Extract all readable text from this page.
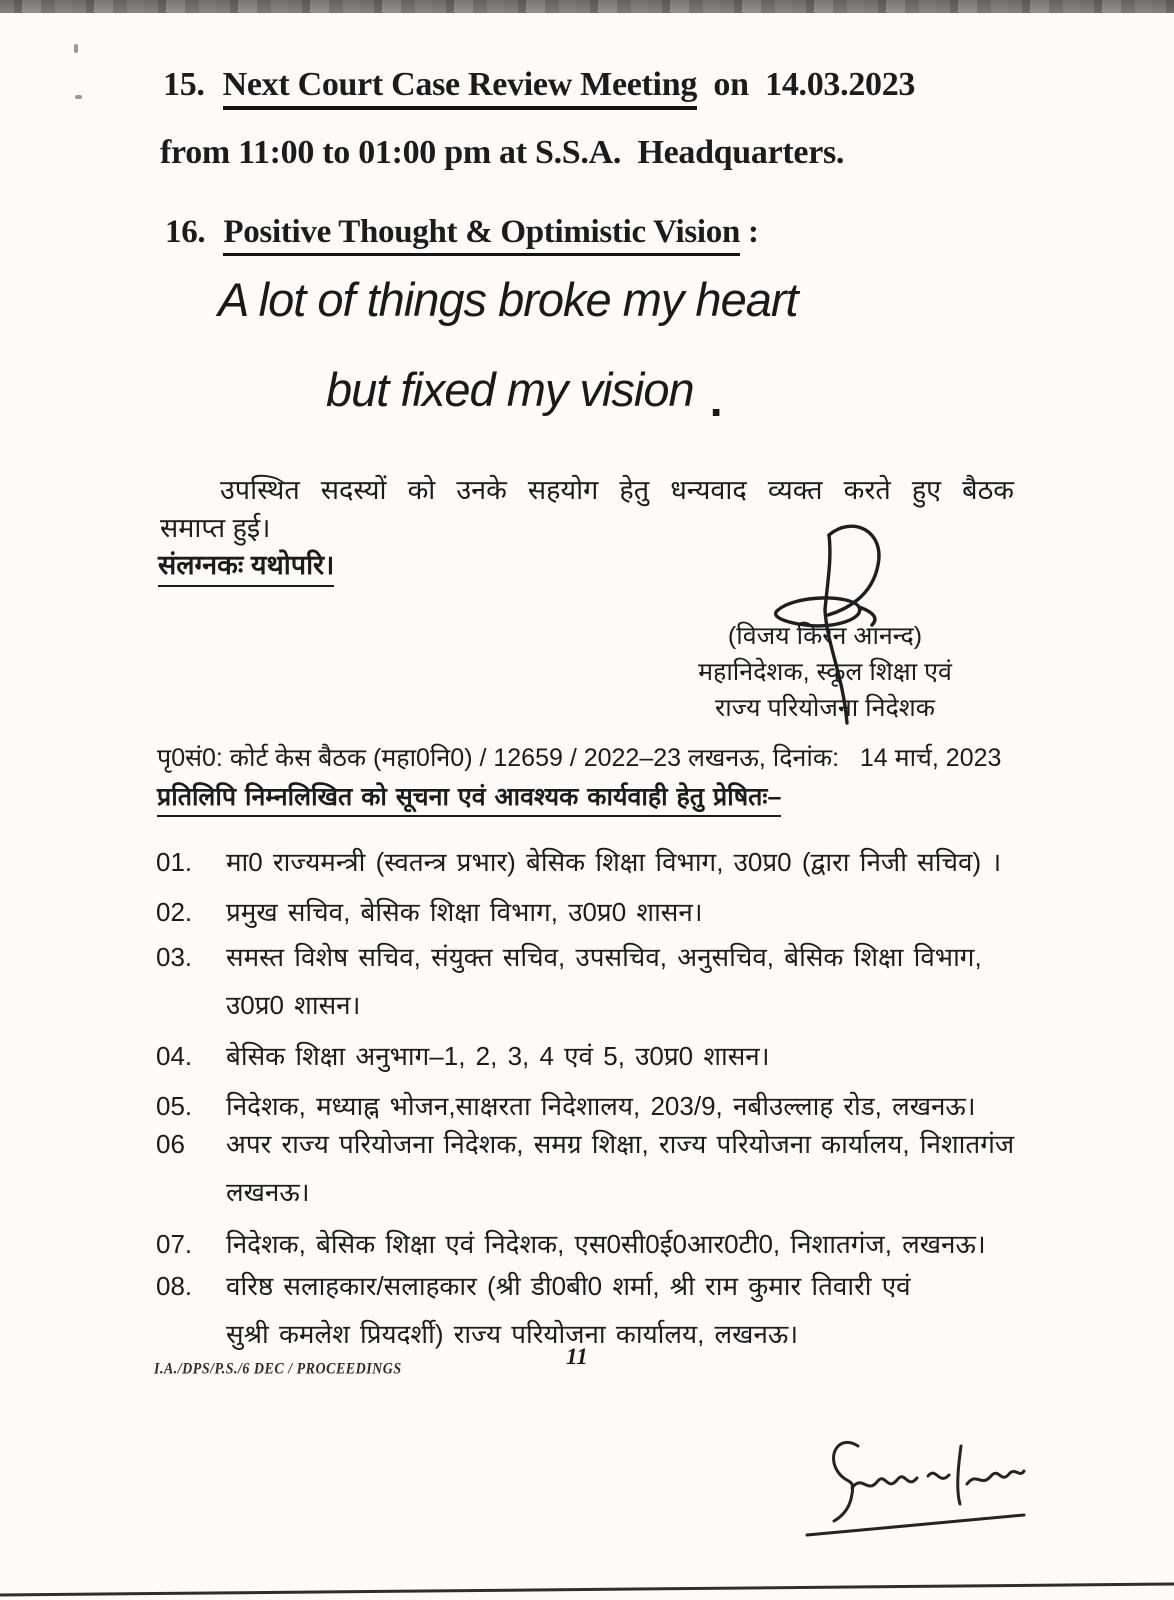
15. Next Court Case Review Meeting  on  14.03.2023
from 11:00 to 01:00 pm at S.S.A.  Headquarters.
16. Positive Thought & Optimistic Vision :
A lot of things broke my heart
but fixed my vision .
उपस्थित सदस्यों को उनके सहयोग हेतु धन्यवाद व्यक्त करते हुए बैठक
समाप्त हुई।
संलग्नकः यथोपरि।
(विजय किरन आनन्द)
महानिदेशक, स्कूल शिक्षा एवं
राज्य परियोजना निदेशक
पृ0सं0: कोर्ट केस बैठक (महा0नि0) / 12659 / 2022–23 लखनऊ, दिनांक:   14 मार्च, 2023
प्रतिलिपि निम्नलिखित को सूचना एवं आवश्यक कार्यवाही हेतु प्रेषितः–
01.	मा0 राज्यमन्त्री (स्वतन्त्र प्रभार) बेसिक शिक्षा विभाग, उ0प्र0 (द्वारा निजी सचिव) ।
02.	प्रमुख सचिव, बेसिक शिक्षा विभाग, उ0प्र0 शासन।
03.	समस्त विशेष सचिव, संयुक्त सचिव, उपसचिव, अनुसचिव, बेसिक शिक्षा विभाग,
उ0प्र0 शासन।
04.	बेसिक शिक्षा अनुभाग–1, 2, 3, 4 एवं 5, उ0प्र0 शासन।
05.	निदेशक, मध्याह्न भोजन,साक्षरता निदेशालय, 203/9, नबीउल्लाह रोड, लखनऊ।
06	अपर राज्य परियोजना निदेशक, समग्र शिक्षा, राज्य परियोजना कार्यालय, निशातगंज
लखनऊ।
07.	निदेशक, बेसिक शिक्षा एवं निदेशक, एस0सी0ई0आर0टी0, निशातगंज, लखनऊ।
08.	वरिष्ठ सलाहकार/सलाहकार (श्री डी0बी0 शर्मा, श्री राम कुमार तिवारी एवं
सुश्री कमलेश प्रियदर्शी) राज्य परियोजना कार्यालय, लखनऊ।
11
I.A./DPS/P.S./6 DEC / PROCEEDINGS
